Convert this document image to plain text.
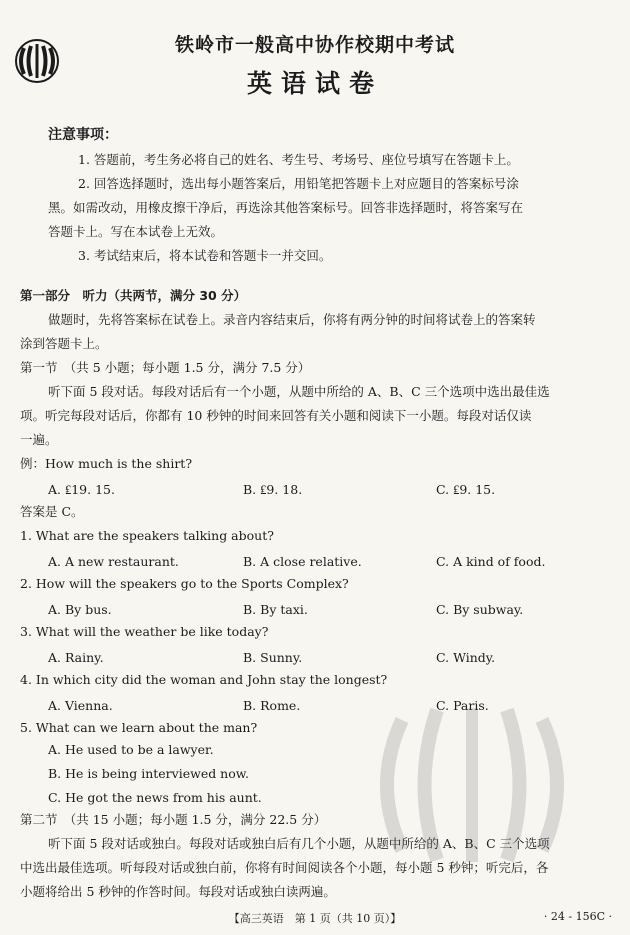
铁岭市一般高中协作校期中考试
英语试卷
注意事项：
1. 答题前，考生务必将自己的姓名、考生号、考场号、座位号填写在答题卡上。
2. 回答选择题时，选出每小题答案后，用铅笔把答题卡上对应题目的答案标号涂
黑。如需改动，用橡皮擦干净后，再选涂其他答案标号。回答非选择题时，将答案写在
答题卡上。写在本试卷上无效。
3. 考试结束后，将本试卷和答题卡一并交回。
第一部分　听力（共两节，满分 30 分）
做题时，先将答案标在试卷上。录音内容结束后，你将有两分钟的时间将试卷上的答案转
涂到答题卡上。
第一节　（共 5 小题；每小题 1.5 分，满分 7.5 分）
听下面 5 段对话。每段对话后有一个小题，从题中所给的 A、B、C 三个选项中选出最佳选
项。听完每段对话后，你都有 10 秒钟的时间来回答有关小题和阅读下一小题。每段对话仅读
一遍。
例：How much is the shirt?
A. ₤19. 15.	B. ₤9. 18.	C. ₤9. 15.
答案是 C。
1. What are the speakers talking about?
A. A new restaurant.	B. A close relative.	C. A kind of food.
2. How will the speakers go to the Sports Complex?
A. By bus.	B. By taxi.	C. By subway.
3. What will the weather be like today?
A. Rainy.	B. Sunny.	C. Windy.
4. In which city did the woman and John stay the longest?
A. Vienna.	B. Rome.	C. Paris.
5. What can we learn about the man?
A. He used to be a lawyer.
B. He is being interviewed now.
C. He got the news from his aunt.
第二节　（共 15 小题；每小题 1.5 分，满分 22.5 分）
听下面 5 段对话或独白。每段对话或独白后有几个小题，从题中所给的 A、B、C 三个选项
中选出最佳选项。听每段对话或独白前，你将有时间阅读各个小题，每小题 5 秒钟；听完后，各
小题将给出 5 秒钟的作答时间。每段对话或独白读两遍。
【高三英语　第 1 页（共 10 页）】	· 24 - 156C ·
